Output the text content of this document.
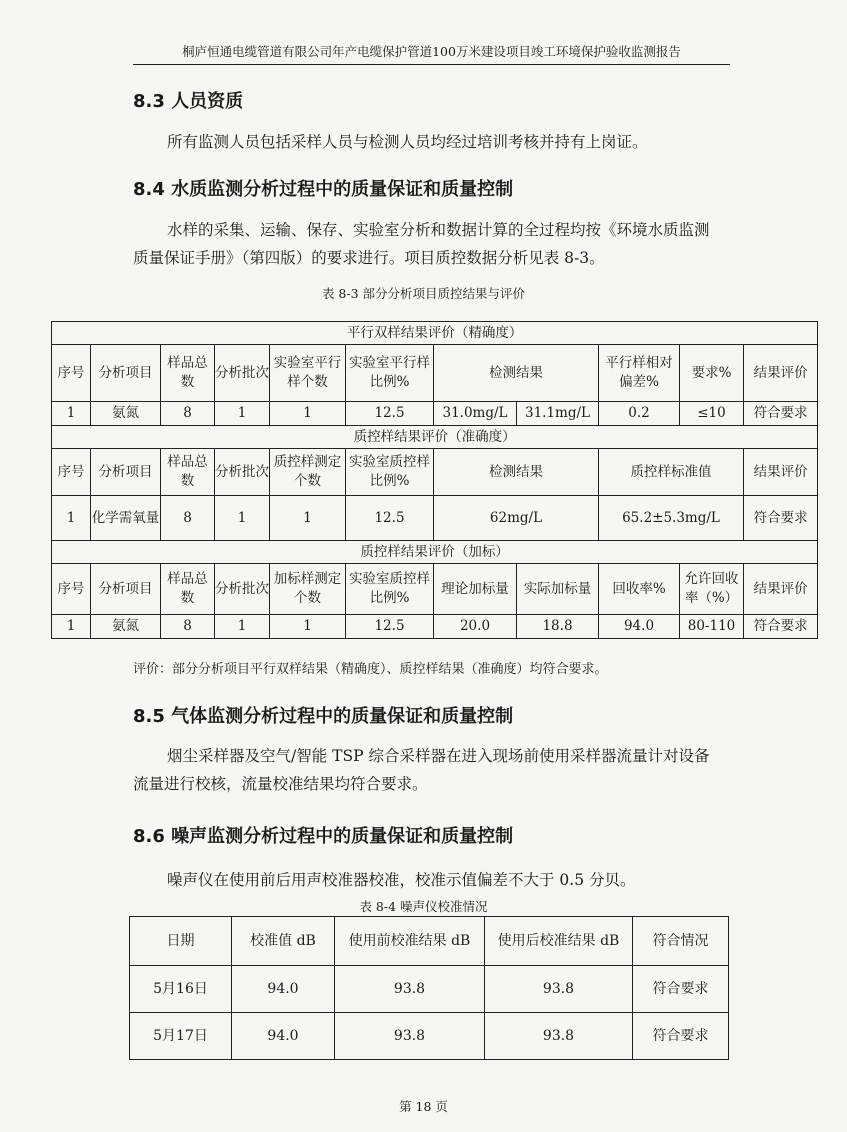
桐庐恒通电缆管道有限公司年产电缆保护管道100万米建设项目竣工环境保护验收监测报告
8.3 人员资质

所有监测人员包括采样人员与检测人员均经过培训考核并持有上岗证。

8.4 水质监测分析过程中的质量保证和质量控制

水样的采集、运输、保存、实验室分析和数据计算的全过程均按《环境水质监测质量保证手册》（第四版）的要求进行。项目质控数据分析见表 8-3。

表 8-3 部分分析项目质控结果与评价
平行双样结果评价（精确度）										
序号	分析项目	样品总数	分析批次	实验室平行样个数	实验室平行样比例%	检测结果		平行样相对偏差%	要求%	结果评价
1	氨氮	8	1	1	12.5	31.0mg/L	31.1mg/L	0.2	≤10	符合要求
质控样结果评价（准确度）										
序号	分析项目	样品总数	分析批次	质控样测定个数	实验室质控样比例%	检测结果		质控样标准值		结果评价
1	化学需氧量	8	1	1	12.5	62mg/L		65.2±5.3mg/L		符合要求
质控样结果评价（加标）										
序号	分析项目	样品总数	分析批次	加标样测定个数	实验室质控样比例%	理论加标量	实际加标量	回收率%	允许回收率（%）	结果评价
1	氨氮	8	1	1	12.5	20.0	18.8	94.0	80-110	符合要求
评价：部分分析项目平行双样结果（精确度）、质控样结果（准确度）均符合要求。
8.5 气体监测分析过程中的质量保证和质量控制

烟尘采样器及空气/智能 TSP 综合采样器在进入现场前使用采样器流量计对设备流量进行校核，流量校准结果均符合要求。

8.6 噪声监测分析过程中的质量保证和质量控制

噪声仪在使用前后用声校准器校准，校准示值偏差不大于 0.5 分贝。

表 8-4 噪声仪校准情况
日期	校准值 dB	使用前校准结果 dB	使用后校准结果 dB	符合情况
5月16日	94.0	93.8	93.8	符合要求
5月17日	94.0	93.8	93.8	符合要求
第 18 页
